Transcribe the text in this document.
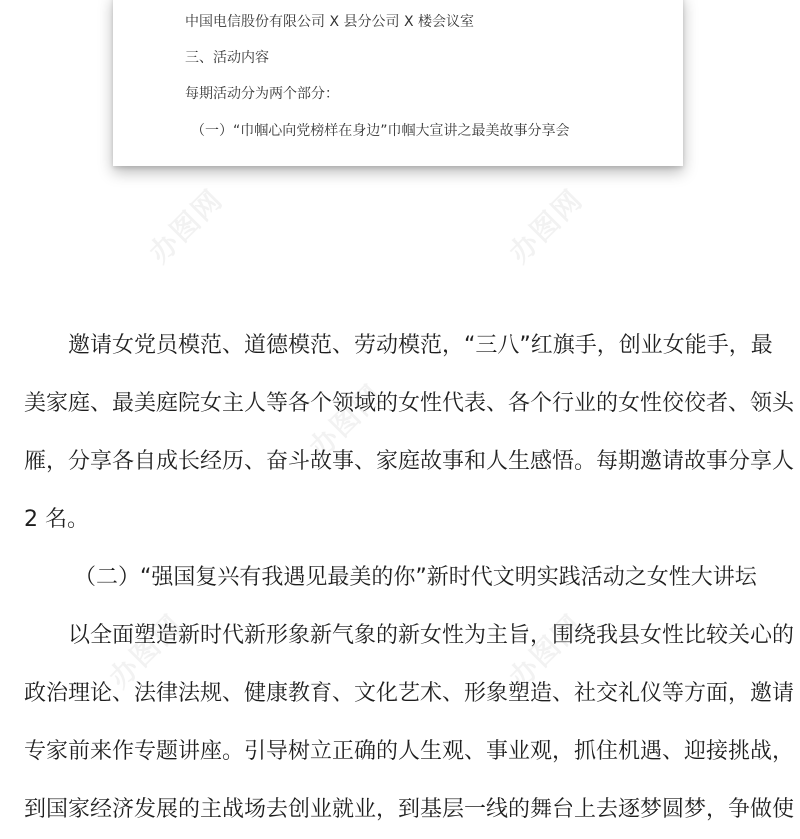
中国电信股份有限公司 X 县分公司 X 楼会议室
三、活动内容
每期活动分为两个部分：
（一）“巾帼心向党榜样在身边”巾帼大宣讲之最美故事分享会
办图网	办图网
办图网
办图网	办图网
邀请女党员模范、道德模范、劳动模范，“三八”红旗手，创业女能手，最
美家庭、最美庭院女主人等各个领域的女性代表、各个行业的女性佼佼者、领头
雁，分享各自成长经历、奋斗故事、家庭故事和人生感悟。每期邀请故事分享人
2 名。
（二）“强国复兴有我遇见最美的你”新时代文明实践活动之女性大讲坛
以全面塑造新时代新形象新气象的新女性为主旨，围绕我县女性比较关心的
政治理论、法律法规、健康教育、文化艺术、形象塑造、社交礼仪等方面，邀请
专家前来作专题讲座。引导树立正确的人生观、事业观，抓住机遇、迎接挑战，
到国家经济发展的主战场去创业就业，到基层一线的舞台上去逐梦圆梦，争做使
